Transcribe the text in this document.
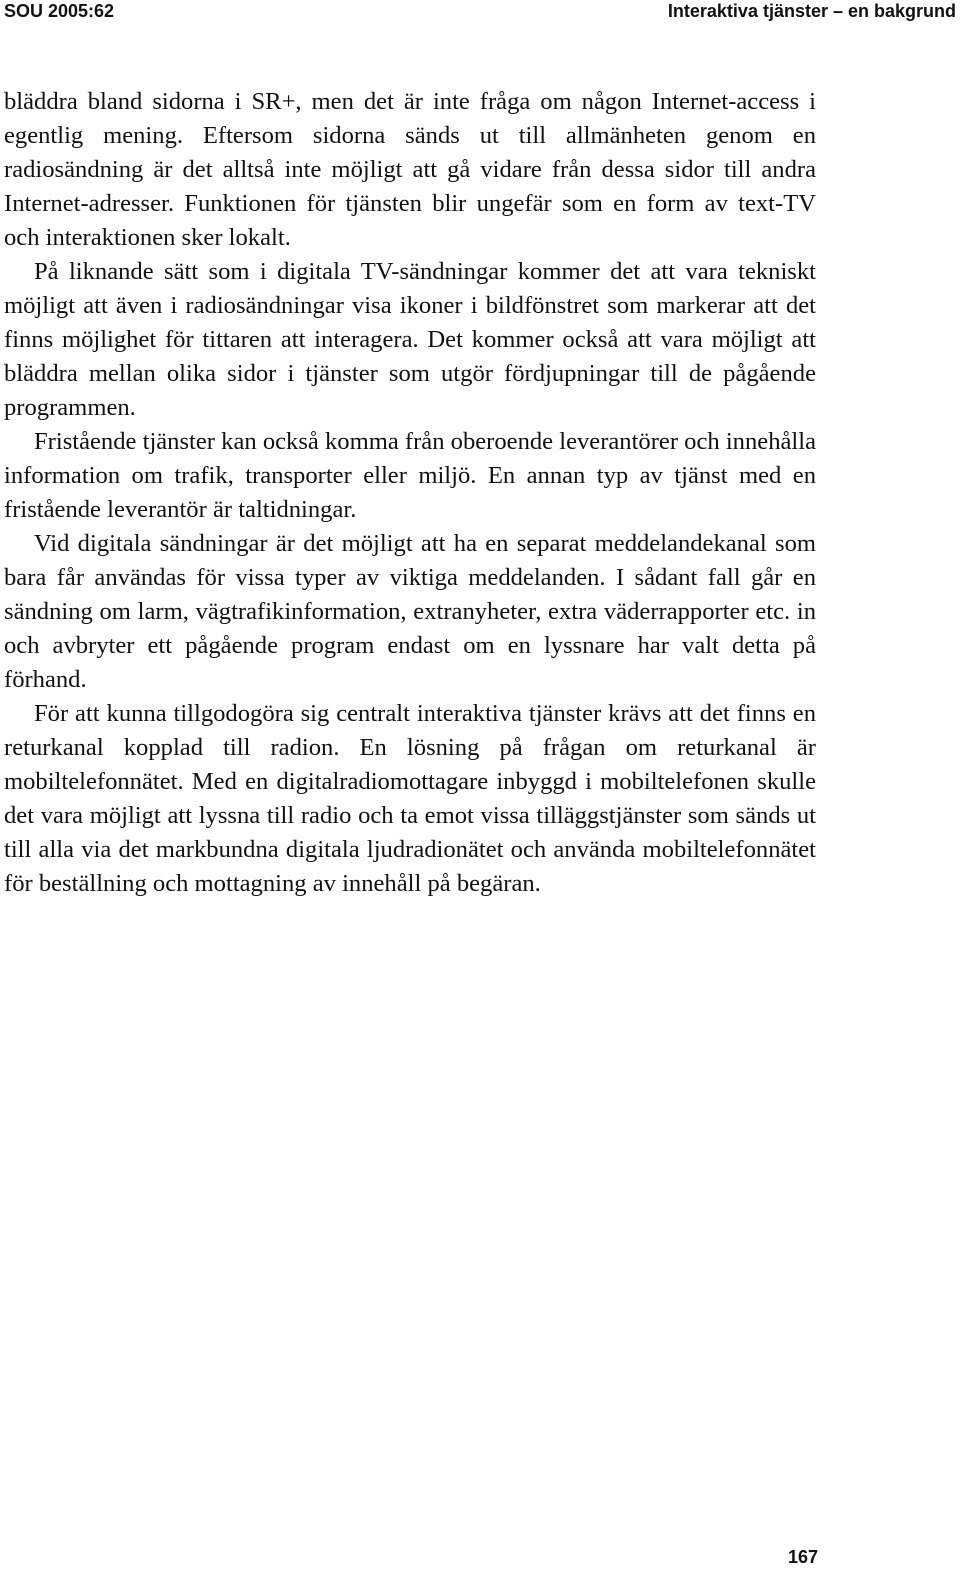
SOU 2005:62	Interaktiva tjänster – en bakgrund

bläddra bland sidorna i SR+, men det är inte fråga om någon Internet-access i egentlig mening. Eftersom sidorna sänds ut till allmänheten genom en radiosändning är det alltså inte möjligt att gå vidare från dessa sidor till andra Internet-adresser. Funktionen för tjänsten blir ungefär som en form av text-TV och interaktionen sker lokalt.

På liknande sätt som i digitala TV-sändningar kommer det att vara tekniskt möjligt att även i radiosändningar visa ikoner i bildfönstret som markerar att det finns möjlighet för tittaren att interagera. Det kommer också att vara möjligt att bläddra mellan olika sidor i tjänster som utgör fördjupningar till de pågående programmen.

Fristående tjänster kan också komma från oberoende leverantörer och innehålla information om trafik, transporter eller miljö. En annan typ av tjänst med en fristående leverantör är taltidningar.

Vid digitala sändningar är det möjligt att ha en separat meddelandekanal som bara får användas för vissa typer av viktiga meddelanden. I sådant fall går en sändning om larm, vägtrafikinformation, extranyheter, extra väderrapporter etc. in och avbryter ett pågående program endast om en lyssnare har valt detta på förhand.

För att kunna tillgodogöra sig centralt interaktiva tjänster krävs att det finns en returkanal kopplad till radion. En lösning på frågan om returkanal är mobiltelefonnätet. Med en digitalradiomottagare inbyggd i mobiltelefonen skulle det vara möjligt att lyssna till radio och ta emot vissa tilläggstjänster som sänds ut till alla via det markbundna digitala ljudradionätet och använda mobiltelefonnätet för beställning och mottagning av innehåll på begäran.

167
